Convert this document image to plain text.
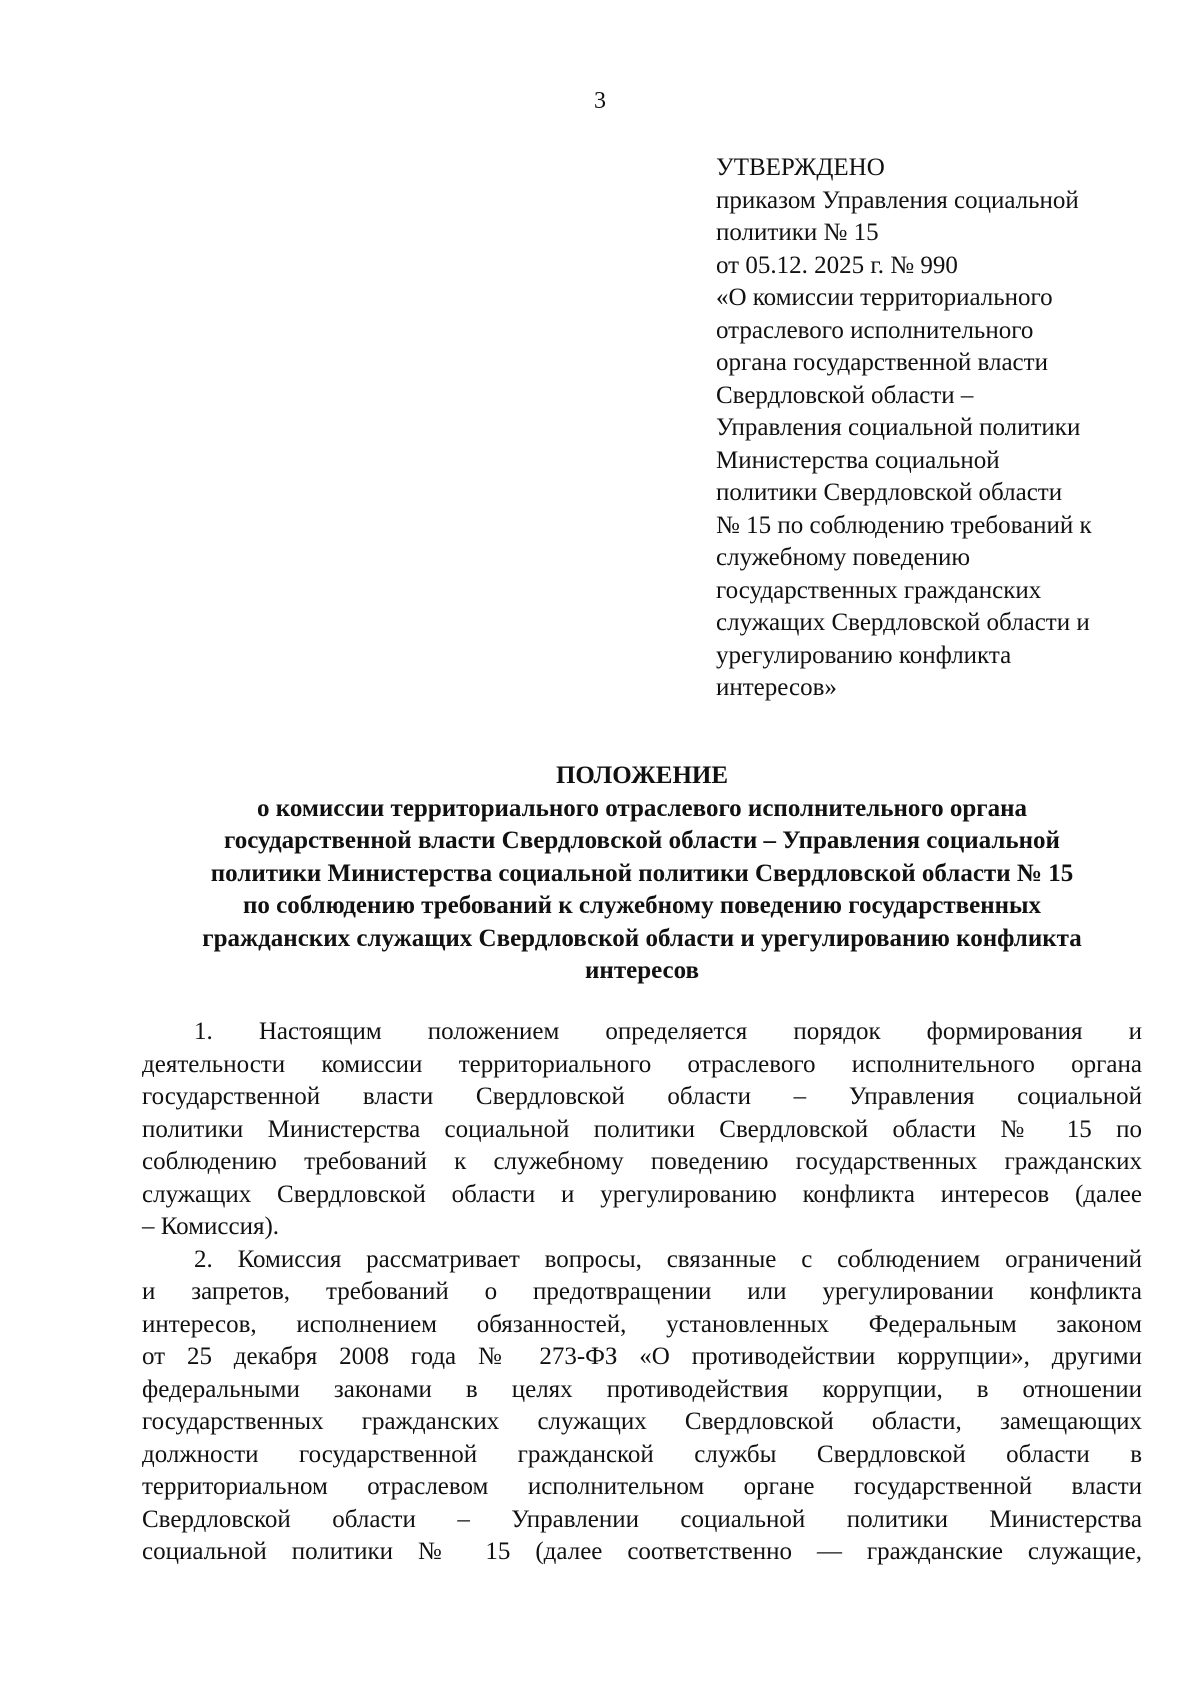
3
УТВЕРЖДЕНО
приказом Управления социальной
политики № 15
от 05.12. 2025 г. № 990
«О комиссии территориального
отраслевого исполнительного
органа государственной власти
Свердловской области –
Управления социальной политики
Министерства социальной
политики Свердловской области
№ 15 по соблюдению требований к
служебному поведению
государственных гражданских
служащих Свердловской области и
урегулированию конфликта
интересов»
ПОЛОЖЕНИЕ
о комиссии территориального отраслевого исполнительного органа
государственной власти Свердловской области – Управления социальной
политики Министерства социальной политики Свердловской области № 15
по соблюдению требований к служебному поведению государственных
гражданских служащих Свердловской области и урегулированию конфликта
интересов
1. Настоящим положением определяется порядок формирования и
деятельности комиссии территориального отраслевого исполнительного органа
государственной власти Свердловской области – Управления социальной
политики Министерства социальной политики Свердловской области № 15 по
соблюдению требований к служебному поведению государственных гражданских
служащих Свердловской области и урегулированию конфликта интересов (далее
– Комиссия).
2. Комиссия рассматривает вопросы, связанные с соблюдением ограничений
и запретов, требований о предотвращении или урегулировании конфликта
интересов, исполнением обязанностей, установленных Федеральным законом
от 25 декабря 2008 года № 273-ФЗ «О противодействии коррупции», другими
федеральными законами в целях противодействия коррупции, в отношении
государственных гражданских служащих Свердловской области, замещающих
должности государственной гражданской службы Свердловской области в
территориальном отраслевом исполнительном органе государственной власти
Свердловской области – Управлении социальной политики Министерства
социальной политики № 15 (далее соответственно — гражданские служащие,
